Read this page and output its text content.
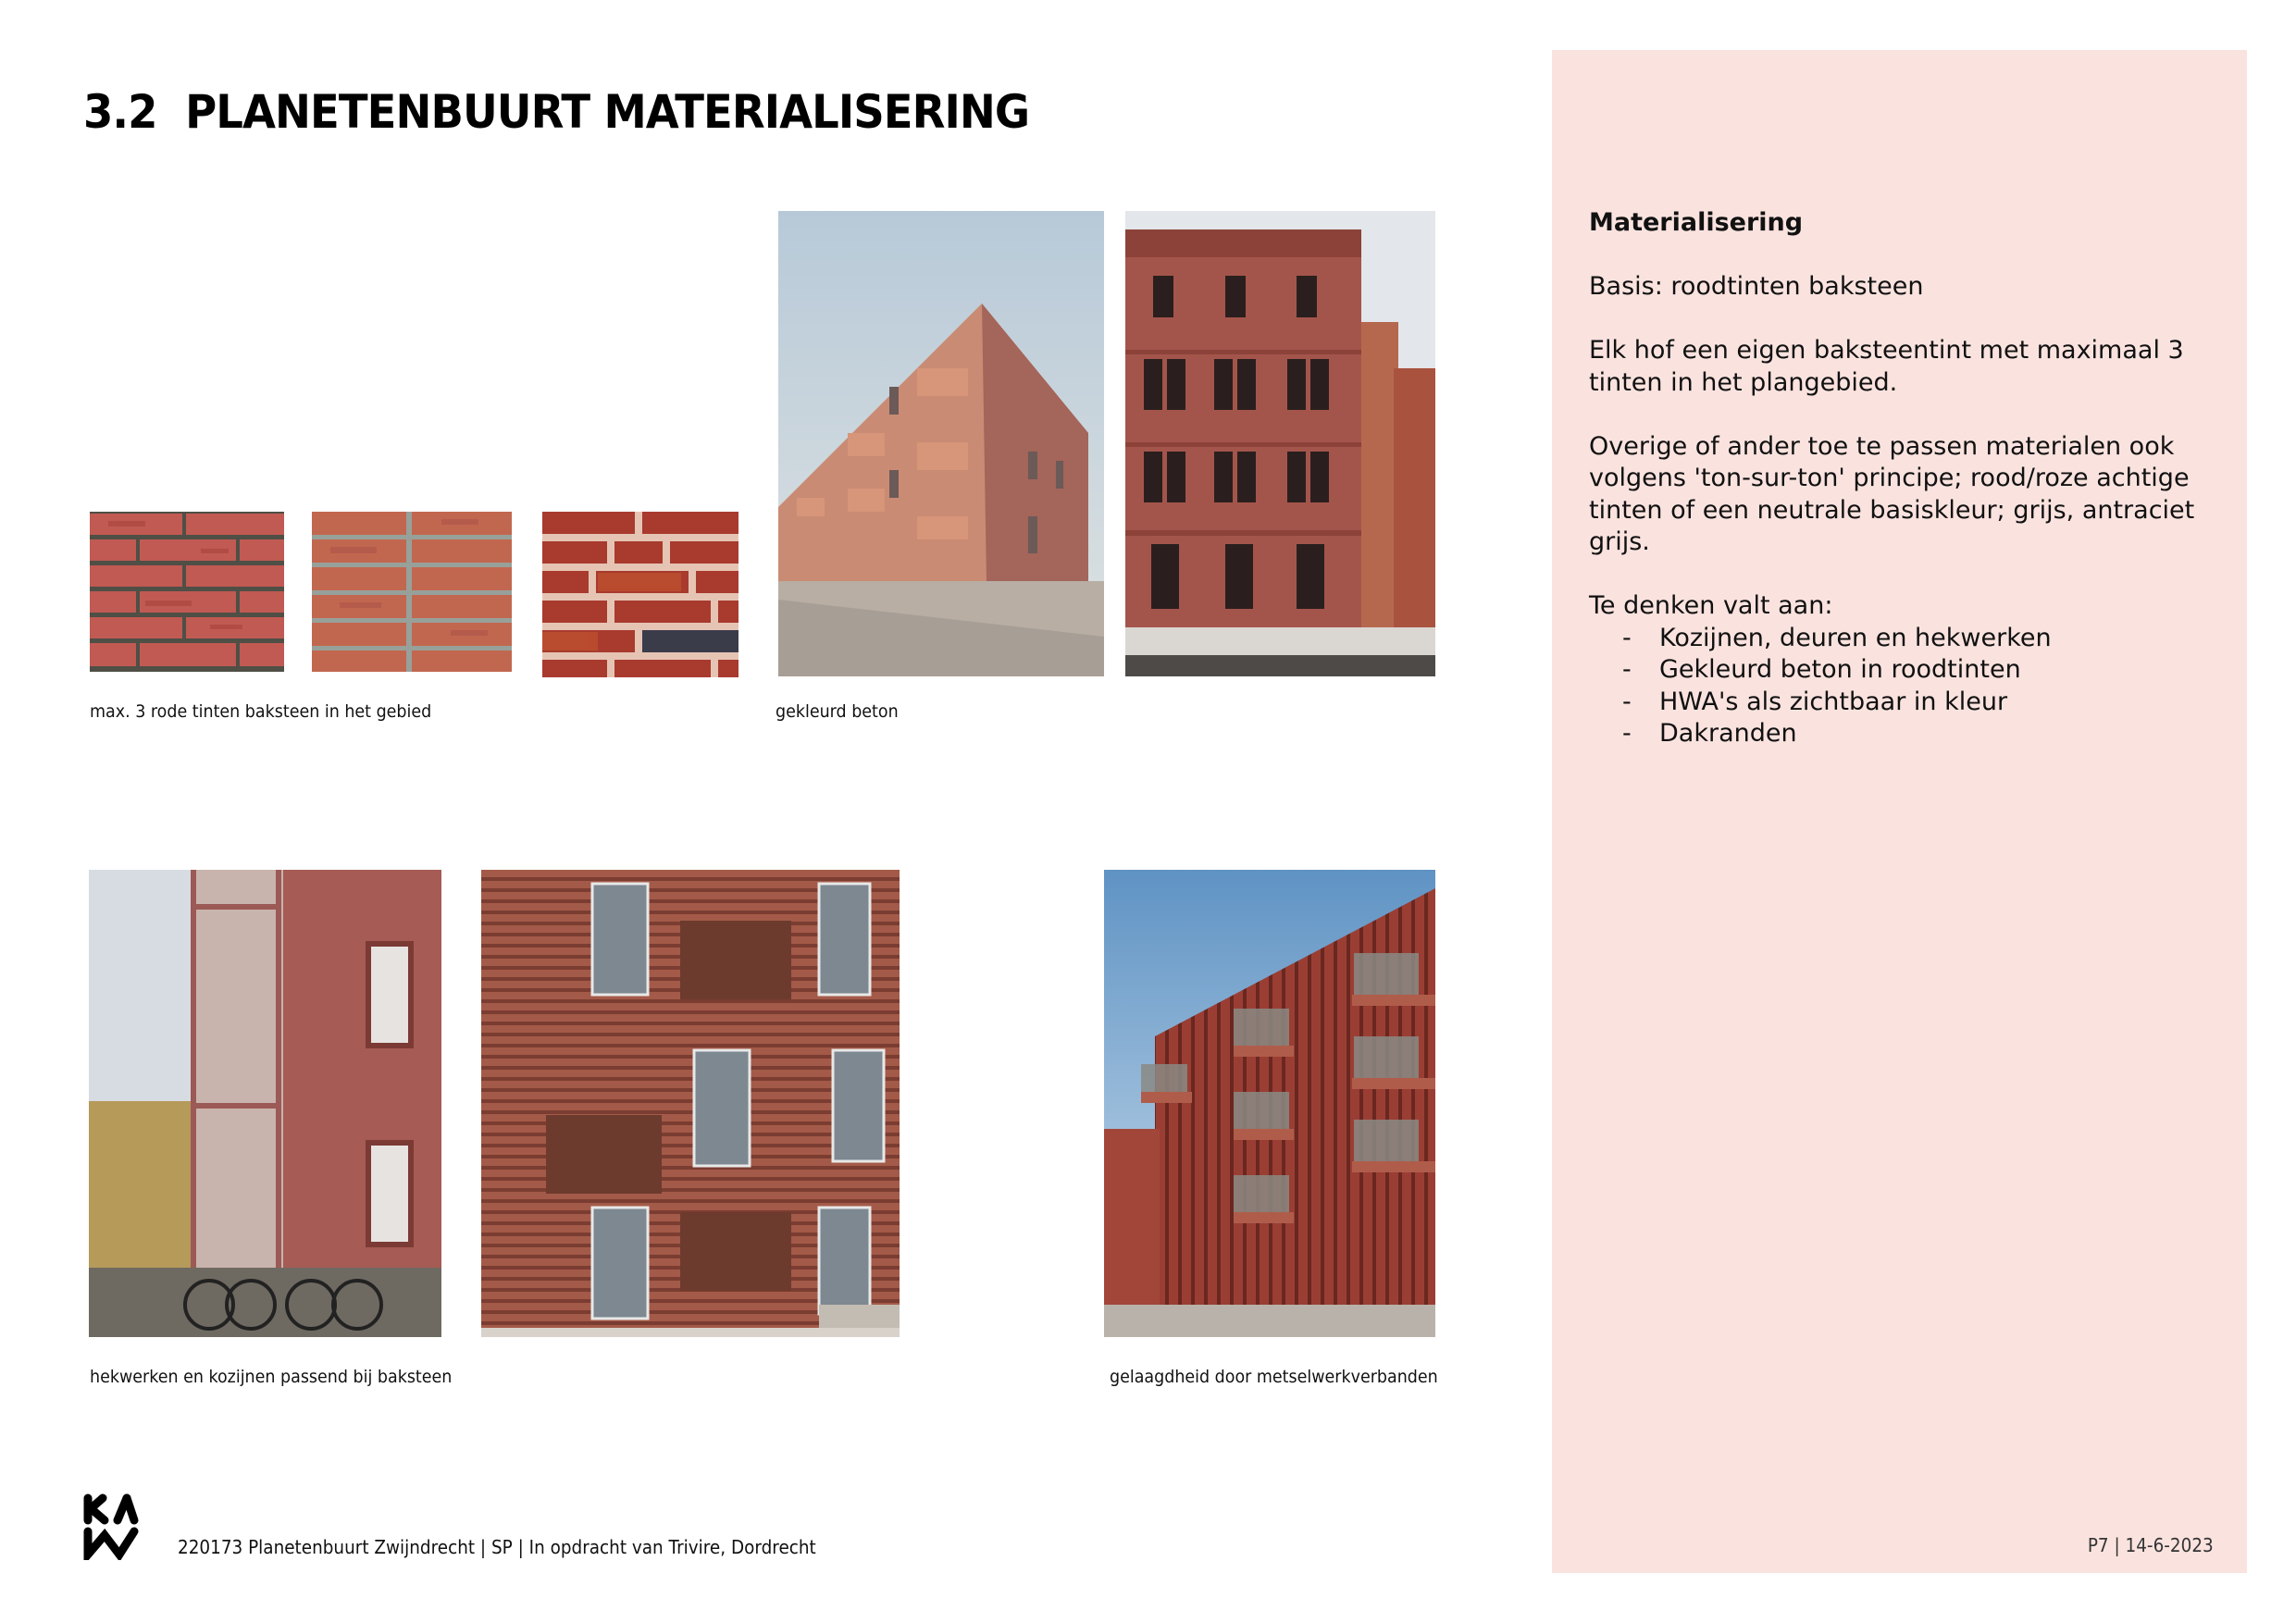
3.2  PLANETENBUURT MATERIALISERING
max. 3 rode tinten baksteen in het gebied	gekleurd beton
hekwerken en kozijnen passend bij baksteen	gelaagdheid door metselwerkverbanden

Materialisering

Basis: roodtinten baksteen

Elk hof een eigen baksteentint met maximaal 3 tinten in het plangebied.

Overige of ander toe te passen materialen ook volgens 'ton-sur-ton' principe; rood/roze achtige tinten of een neutrale basiskleur; grijs, antraciet grijs.

Te denken valt aan:
-	Kozijnen, deuren en hekwerken
-	Gekleurd beton in roodtinten
-	HWA's als zichtbaar in kleur
-	Dakranden
P7 | 14-6-2023
220173 Planetenbuurt Zwijndrecht | SP | In opdracht van Trivire, Dordrecht
